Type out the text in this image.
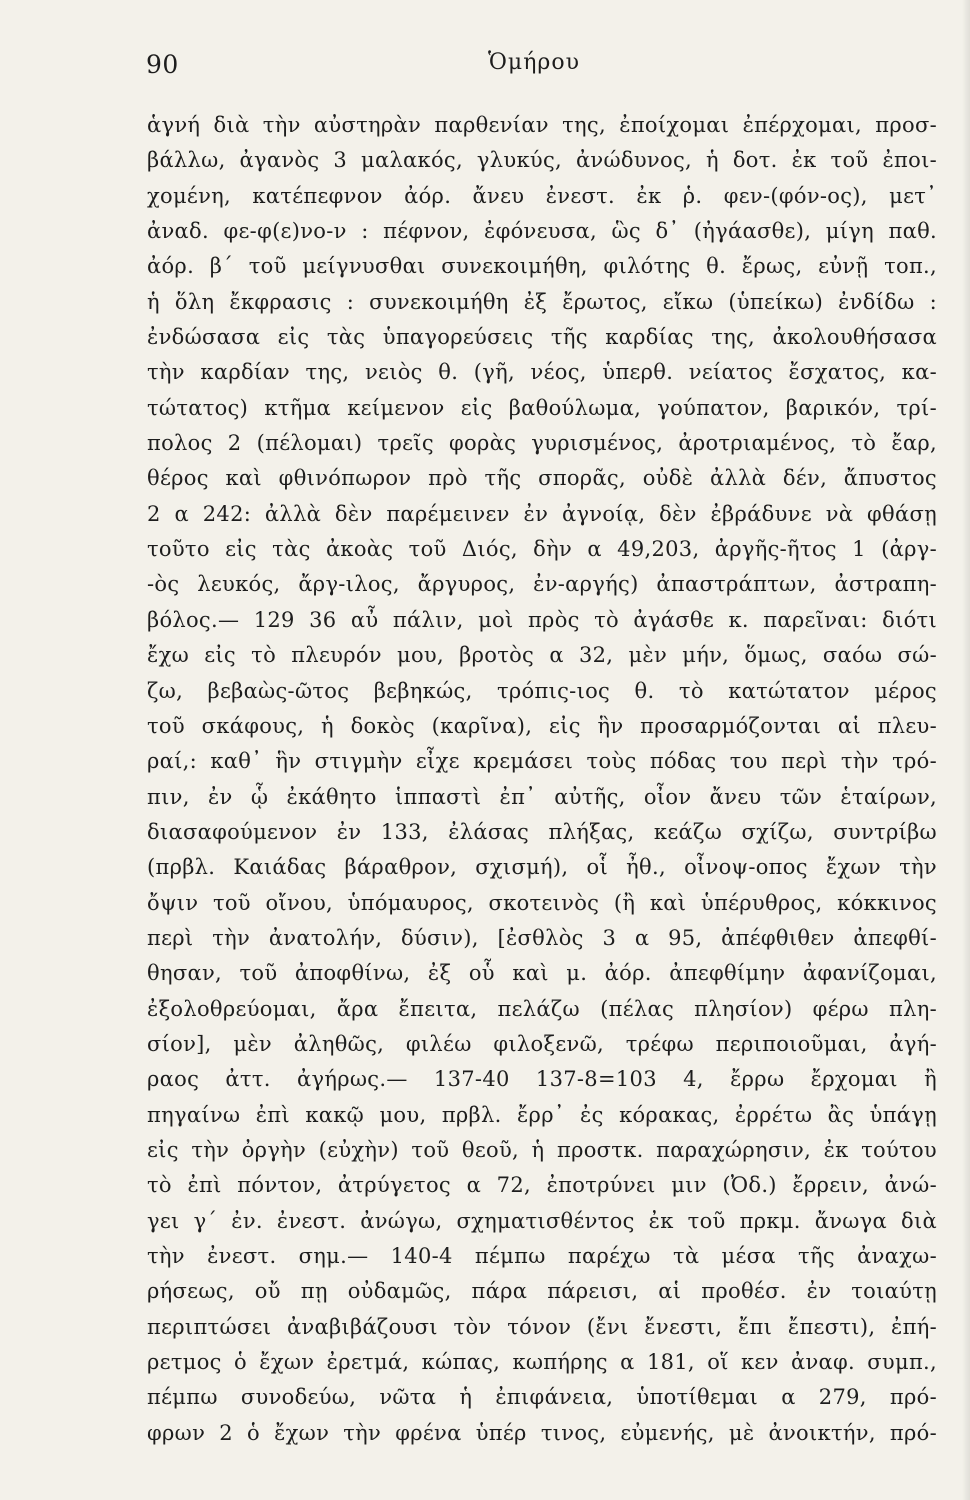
90	Ὁμήρου
ἁγνή διὰ τὴν αὐστηρὰν παρθενίαν της, ἐποίχομαι ἐπέρχομαι, προσ-
βάλλω, ἀγανὸς 3 μαλακός, γλυκύς, ἀνώδυνος, ἡ δοτ. ἐκ τοῦ ἐποι-
χομένη, κατέπεφνον ἀόρ. ἄνευ ἐνεστ. ἐκ ῥ. φεν-(φόν-ος), μετ᾽
ἀναδ. φε-φ(ε)νο-ν : πέφνον, ἐφόνευσα, ὣς δ᾽ (ἠγάασθε), μίγη παθ.
ἀόρ. β΄ τοῦ μείγνυσθαι συνεκοιμήθη, φιλότης θ. ἔρως, εὐνῇ τοπ.,
ἡ ὅλη ἔκφρασις : συνεκοιμήθη ἐξ ἔρωτος, εἴκω (ὑπείκω) ἐνδίδω :
ἐνδώσασα εἰς τὰς ὑπαγορεύσεις τῆς καρδίας της, ἀκολουθήσασα
τὴν καρδίαν της, νειὸς θ. (γῆ, νέος, ὑπερθ. νείατος ἔσχατος, κα-
τώτατος) κτῆμα κείμενον εἰς βαθούλωμα, γούπατον, βαρικόν, τρί-
πολος 2 (πέλομαι) τρεῖς φορὰς γυρισμένος, ἀροτριαμένος, τὸ ἔαρ,
θέρος καὶ φθινόπωρον πρὸ τῆς σπορᾶς, οὐδὲ ἀλλὰ δέν, ἄπυστος
2 α 242: ἀλλὰ δὲν παρέμεινεν ἐν ἀγνοίᾳ, δὲν ἐβράδυνε νὰ φθάσῃ
τοῦτο εἰς τὰς ἀκοὰς τοῦ Διός, δὴν α 49,203, ἀργῆς-ῆτος 1 (ἀργ-
-ὸς λευκός, ἄργ-ιλος, ἄργυρος, ἐν-αργής) ἀπαστράπτων, ἀστραπη-
βόλος.— 129 36 αὖ πάλιν, μοὶ πρὸς τὸ ἀγάσθε κ. παρεῖναι: διότι
ἔχω εἰς τὸ πλευρόν μου, βροτὸς α 32, μὲν μήν, ὅμως, σαόω σώ-
ζω, βεβαὼς-ῶτος βεβηκώς, τρόπις-ιος θ. τὸ κατώτατον μέρος
τοῦ σκάφους, ἡ δοκὸς (καρῖνα), εἰς ἣν προσαρμόζονται αἱ πλευ-
ραί,: καθ᾽ ἣν στιγμὴν εἶχε κρεμάσει τοὺς πόδας του περὶ τὴν τρό-
πιν, ἐν ᾧ ἐκάθητο ἱππαστὶ ἐπ᾽ αὐτῆς, οἶον ἄνευ τῶν ἑταίρων,
διασαφούμενον ἐν 133, ἐλάσας πλήξας, κεάζω σχίζω, συντρίβω
(πρβλ. Καιάδας βάραθρον, σχισμή), οἷ ἦθ., οἶνοψ-οπος ἔχων τὴν
ὄψιν τοῦ οἴνου, ὑπόμαυρος, σκοτεινὸς (ἢ καὶ ὑπέρυθρος, κόκκινος
περὶ τὴν ἀνατολήν, δύσιν), [ἐσθλὸς 3 α 95, ἀπέφθιθεν ἀπεφθί-
θησαν, τοῦ ἀποφθίνω, ἐξ οὗ καὶ μ. ἀόρ. ἀπεφθίμην ἀφανίζομαι,
ἐξολοθρεύομαι, ἄρα ἔπειτα, πελάζω (πέλας πλησίον) φέρω πλη-
σίον], μὲν ἀληθῶς, φιλέω φιλοξενῶ, τρέφω περιποιοῦμαι, ἀγή-
ραος ἀττ. ἀγήρως.— 137-40 137-8=103 4, ἔρρω ἔρχομαι ἢ
πηγαίνω ἐπὶ κακῷ μου, πρβλ. ἔρρ᾽ ἐς κόρακας, ἐρρέτω ἂς ὑπάγῃ
εἰς τὴν ὀργὴν (εὐχὴν) τοῦ θεοῦ, ἡ προστκ. παραχώρησιν, ἐκ τούτου
τὸ ἐπὶ πόντον, ἀτρύγετος α 72, ἐποτρύνει μιν (Ὀδ.) ἔρρειν, ἀνώ-
γει γ΄ ἐν. ἐνεστ. ἀνώγω, σχηματισθέντος ἐκ τοῦ πρκμ. ἄνωγα διὰ
τὴν ἐνεστ. σημ.— 140-4 πέμπω παρέχω τὰ μέσα τῆς ἀναχω-
ρήσεως, οὔ πῃ οὐδαμῶς, πάρα πάρεισι, αἱ προθέσ. ἐν τοιαύτῃ
περιπτώσει ἀναβιβάζουσι τὸν τόνον (ἔνι ἔνεστι, ἔπι ἔπεστι), ἐπή-
ρετμος ὁ ἔχων ἐρετμά, κώπας, κωπήρης α 181, οἵ κεν ἀναφ. συμπ.,
πέμπω συνοδεύω, νῶτα ἡ ἐπιφάνεια, ὑποτίθεμαι α 279, πρό-
φρων 2 ὁ ἔχων τὴν φρένα ὑπέρ τινος, εὐμενής, μὲ ἀνοικτήν, πρό-
